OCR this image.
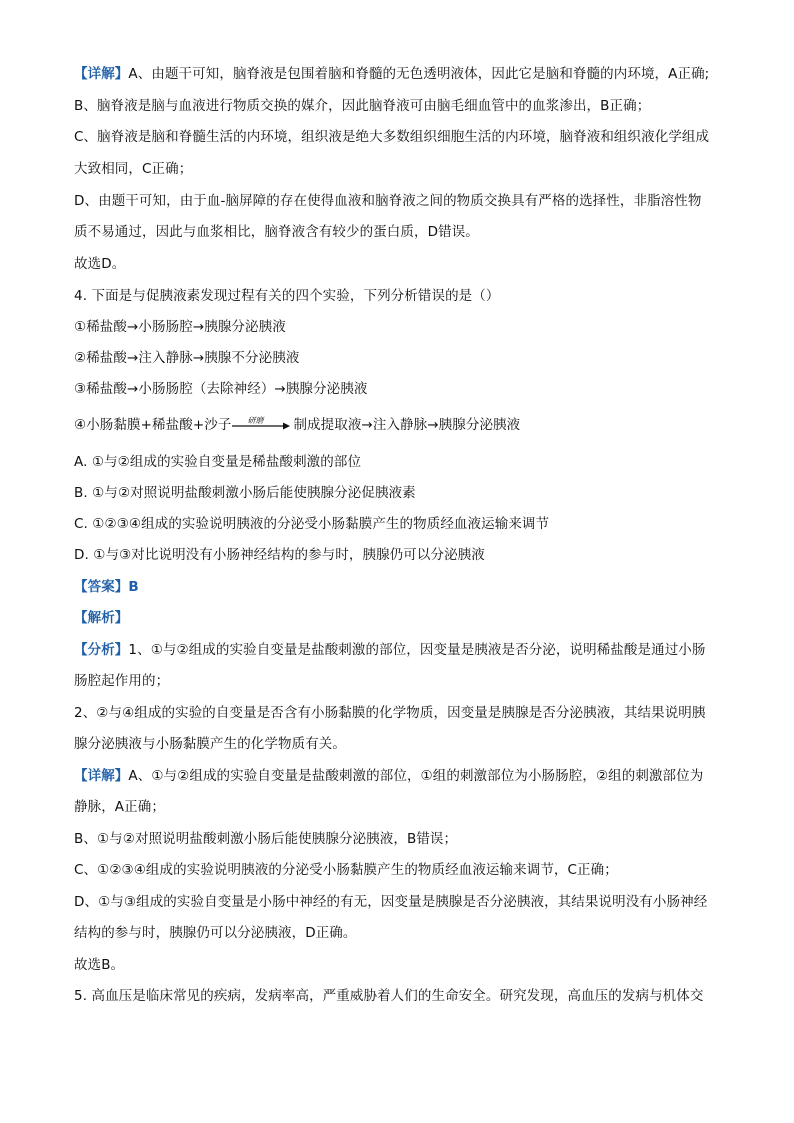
【详解】A、由题干可知，脑脊液是包围着脑和脊髓的无色透明液体，因此它是脑和脊髓的内环境，A正确;
B、脑脊液是脑与血液进行物质交换的媒介，因此脑脊液可由脑毛细血管中的血浆渗出，B正确；
C、脑脊液是脑和脊髓生活的内环境，组织液是绝大多数组织细胞生活的内环境，脑脊液和组织液化学组成
大致相同，C正确；
D、由题干可知，由于血-脑屏障的存在使得血液和脑脊液之间的物质交换具有严格的选择性，非脂溶性物
质不易通过，因此与血浆相比，脑脊液含有较少的蛋白质，D错误。
故选D。
4. 下面是与促胰液素发现过程有关的四个实验，下列分析错误的是（）
①稀盐酸→小肠肠腔→胰腺分泌胰液
②稀盐酸→注入静脉→胰腺不分泌胰液
③稀盐酸→小肠肠腔（去除神经）→胰腺分泌胰液
④小肠黏膜+稀盐酸+沙子 研磨 制成提取液→注入静脉→胰腺分泌胰液
A. ①与②组成的实验自变量是稀盐酸刺激的部位
B. ①与②对照说明盐酸刺激小肠后能使胰腺分泌促胰液素
C. ①②③④组成的实验说明胰液的分泌受小肠黏膜产生的物质经血液运输来调节
D. ①与③对比说明没有小肠神经结构的参与时，胰腺仍可以分泌胰液
【答案】B
【解析】
【分析】1、①与②组成的实验自变量是盐酸刺激的部位，因变量是胰液是否分泌，说明稀盐酸是通过小肠
肠腔起作用的；
2、②与④组成的实验的自变量是否含有小肠黏膜的化学物质，因变量是胰腺是否分泌胰液，其结果说明胰
腺分泌胰液与小肠黏膜产生的化学物质有关。
【详解】A、①与②组成的实验自变量是盐酸刺激的部位，①组的刺激部位为小肠肠腔，②组的刺激部位为
静脉，A正确；
B、①与②对照说明盐酸刺激小肠后能使胰腺分泌胰液，B错误；
C、①②③④组成的实验说明胰液的分泌受小肠黏膜产生的物质经血液运输来调节，C正确；
D、①与③组成的实验自变量是小肠中神经的有无，因变量是胰腺是否分泌胰液，其结果说明没有小肠神经
结构的参与时，胰腺仍可以分泌胰液，D正确。
故选B。
5. 高血压是临床常见的疾病，发病率高，严重威胁着人们的生命安全。研究发现，高血压的发病与机体交
